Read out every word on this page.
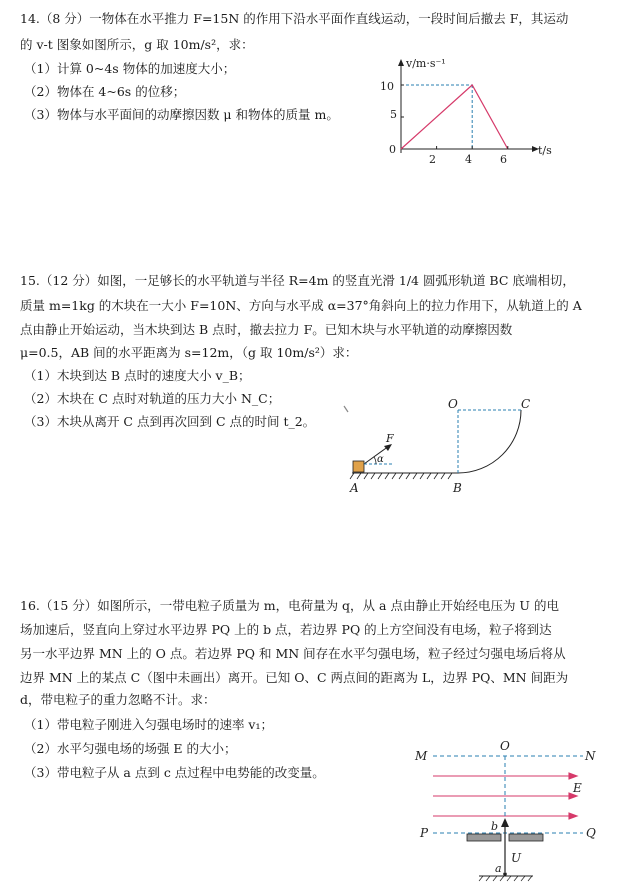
14.（8 分）一物体在水平推力 F=15N 的作用下沿水平面作直线运动，一段时间后撤去 F，其运动
的 v-t 图象如图所示，g 取 10m/s²，求：
（1）计算 0~4s 物体的加速度大小；
（2）物体在 4~6s 的位移；
（3）物体与水平面间的动摩擦因数 μ 和物体的质量 m。
v/m·s⁻¹
t/s
0
10
5
2	4	6
15.（12 分）如图，一足够长的水平轨道与半径 R=4m 的竖直光滑 1/4 圆弧形轨道 BC 底端相切，
质量 m=1kg 的木块在一大小 F=10N、方向与水平成 α=37°角斜向上的拉力作用下，从轨道上的 A
点由静止开始运动，当木块到达 B 点时，撤去拉力 F。已知木块与水平轨道的动摩擦因数
μ=0.5，AB 间的水平距离为 s=12m，（g 取 10m/s²）求：
（1）木块到达 B 点时的速度大小 v_B；
（2）木块在 C 点时对轨道的压力大小 N_C；
（3）木块从离开 C 点到再次回到 C 点的时间 t_2。
O	C
F
α
A	B
16.（15 分）如图所示，一带电粒子质量为 m，电荷量为 q，从 a 点由静止开始经电压为 U 的电
场加速后，竖直向上穿过水平边界 PQ 上的 b 点，若边界 PQ 的上方空间没有电场，粒子将到达
另一水平边界 MN 上的 O 点。若边界 PQ 和 MN 间存在水平匀强电场，粒子经过匀强电场后将从
边界 MN 上的某点 C（图中未画出）离开。已知 O、C 两点间的距离为 L，边界 PQ、MN 间距为
d，带电粒子的重力忽略不计。求：
（1）带电粒子刚进入匀强电场时的速率 v₁；
（2）水平匀强电场的场强 E 的大小；
（3）带电粒子从 a 点到 c 点过程中电势能的改变量。
M	N
O
E
P	Q
b
a
U
